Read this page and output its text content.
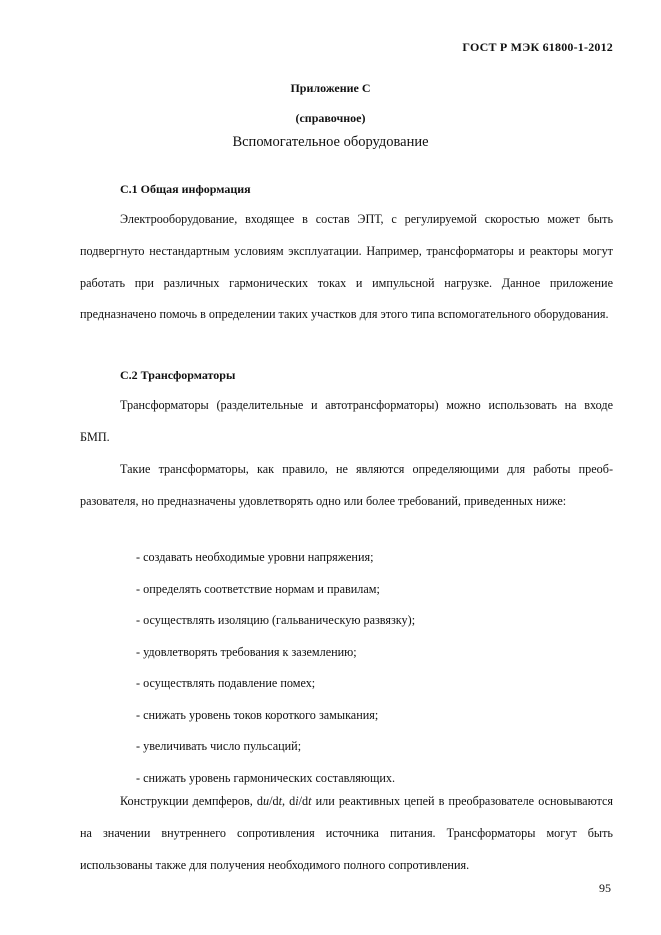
ГОСТ Р МЭК 61800-1-2012
Приложение С
(справочное)
Вспомогательное оборудование
С.1 Общая информация

Электрооборудование, входящее в состав ЭПТ, с регулируемой скоростью может быть подвергнуто нестандартным условиям эксплуатации. Например, трансформаторы и реакторы могут работать при различных гармонических токах и импульсной нагрузке. Данное приложение предназначено помочь в определении таких участков для этого типа вспомогательного оборудования.

С.2 Трансформаторы

Трансформаторы (разделительные и автотрансформаторы) можно использовать на входе БМП.

Такие трансформаторы, как правило, не являются определяющими для работы преобразователя, но предназначены удовлетворять одно или более требований, приведенных ниже:

- создавать необходимые уровни напряжения;
- определять соответствие нормам и правилам;
- осуществлять изоляцию (гальваническую развязку);
- удовлетворять требования к заземлению;
- осуществлять подавление помех;
- снижать уровень токов короткого замыкания;
- увеличивать число пульсаций;
- снижать уровень гармонических составляющих.

Конструкции демпферов, du/dt, di/dt или реактивных цепей в преобразователе основываются на значении внутреннего сопротивления источника питания. Трансформаторы могут быть использованы также для получения необходимого полного сопротивления.

95
